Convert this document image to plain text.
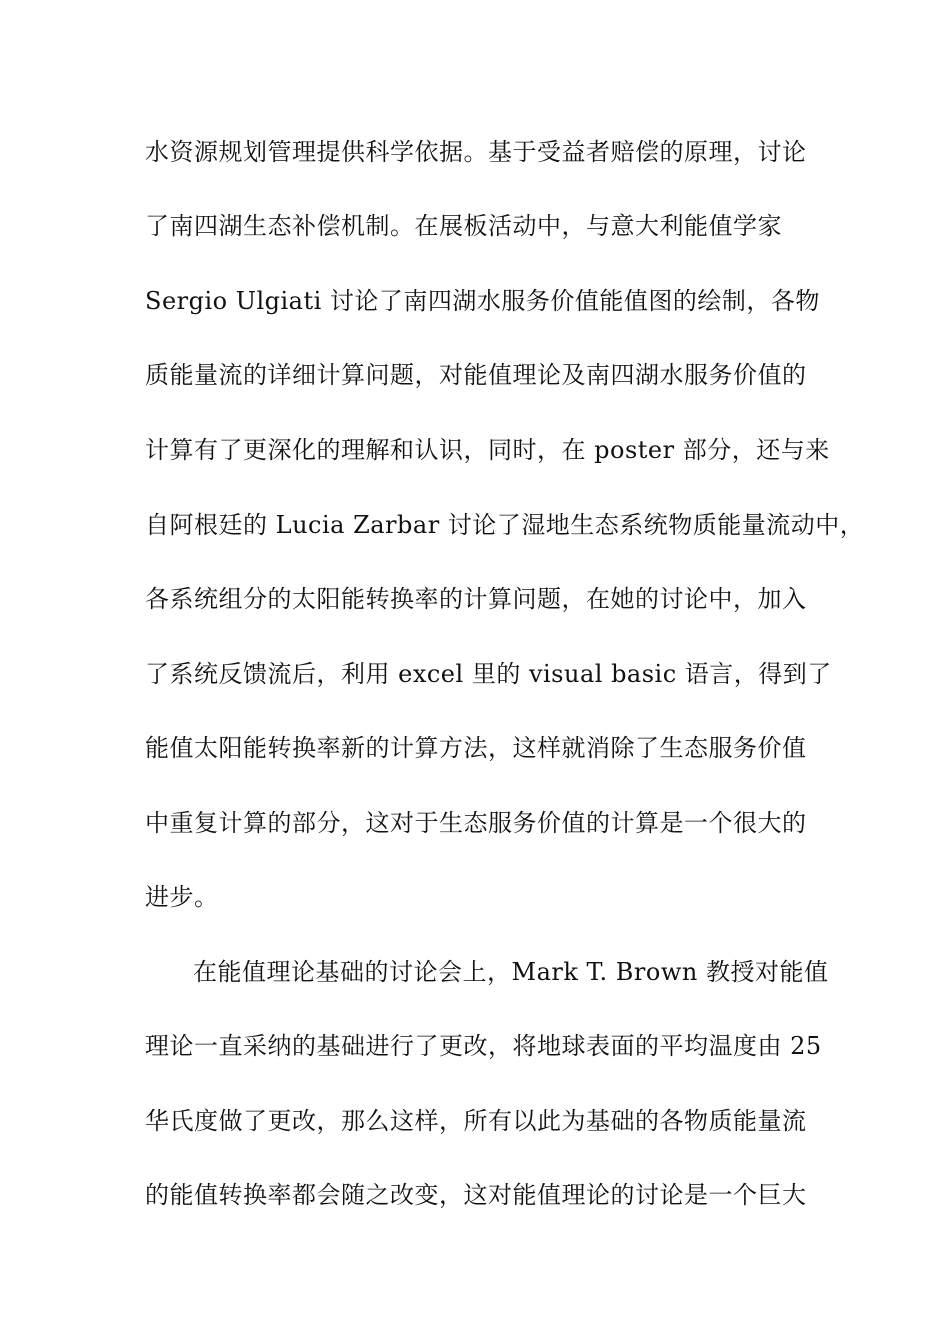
水资源规划管理提供科学依据。基于受益者赔偿的原理，讨论
了南四湖生态补偿机制。在展板活动中，与意大利能值学家
Sergio Ulgiati 讨论了南四湖水服务价值能值图的绘制，各物
质能量流的详细计算问题，对能值理论及南四湖水服务价值的
计算有了更深化的理解和认识，同时，在 poster 部分，还与来
自阿根廷的 Lucia Zarbar 讨论了湿地生态系统物质能量流动中，
各系统组分的太阳能转换率的计算问题，在她的讨论中，加入
了系统反馈流后，利用 excel 里的 visual basic 语言，得到了
能值太阳能转换率新的计算方法，这样就消除了生态服务价值
中重复计算的部分，这对于生态服务价值的计算是一个很大的
进步。
在能值理论基础的讨论会上，Mark T. Brown 教授对能值
理论一直采纳的基础进行了更改，将地球表面的平均温度由 25
华氏度做了更改，那么这样，所有以此为基础的各物质能量流
的能值转换率都会随之改变，这对能值理论的讨论是一个巨大
